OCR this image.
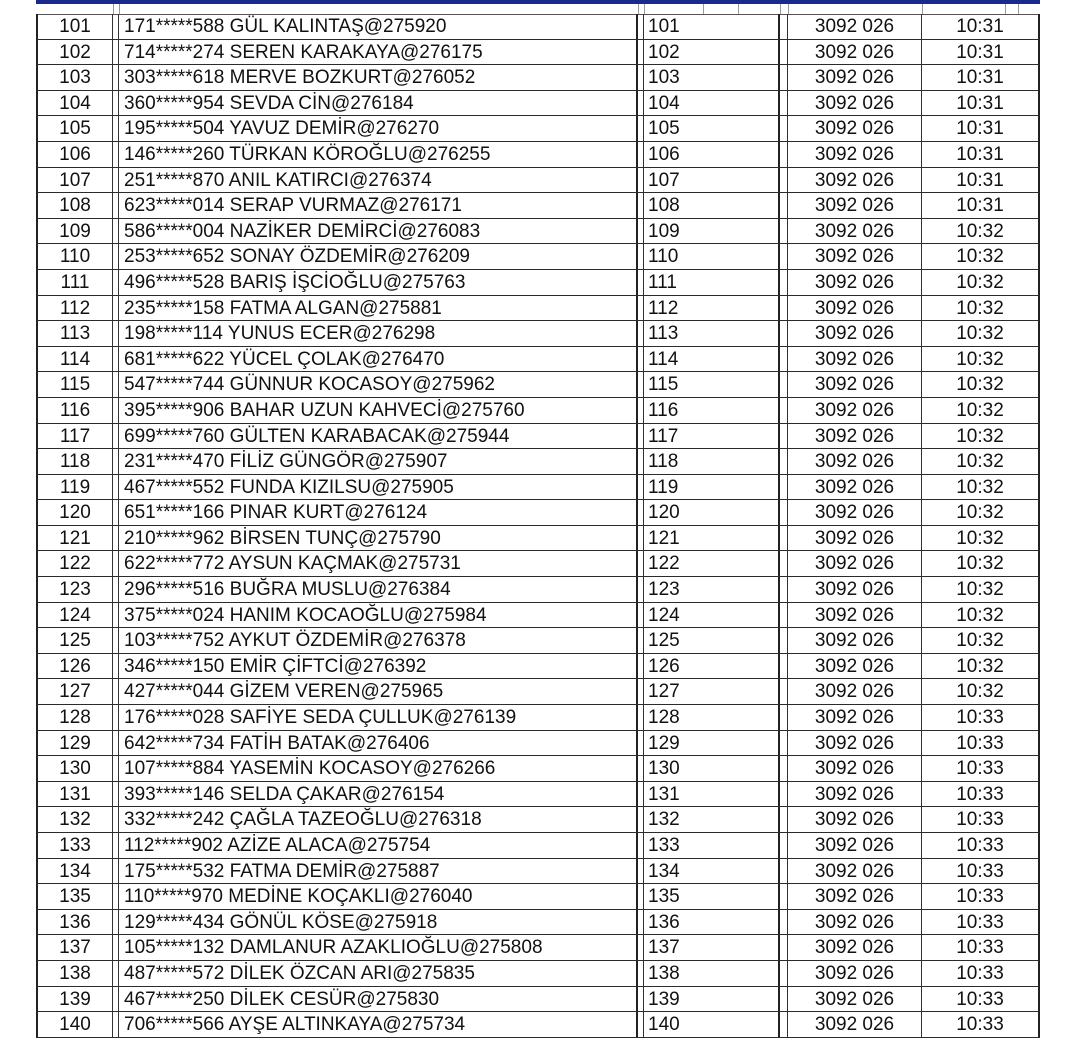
101	171*****588 GÜL KALINTAŞ@275920	101	3092 026	10:31
102	714*****274 SEREN KARAKAYA@276175	102	3092 026	10:31
103	303*****618 MERVE BOZKURT@276052	103	3092 026	10:31
104	360*****954 SEVDA CİN@276184	104	3092 026	10:31
105	195*****504 YAVUZ DEMİR@276270	105	3092 026	10:31
106	146*****260 TÜRKAN KÖROĞLU@276255	106	3092 026	10:31
107	251*****870 ANIL KATIRCI@276374	107	3092 026	10:31
108	623*****014 SERAP VURMAZ@276171	108	3092 026	10:31
109	586*****004 NAZİKER DEMİRCİ@276083	109	3092 026	10:32
110	253*****652 SONAY ÖZDEMİR@276209	110	3092 026	10:32
111	496*****528 BARIŞ İŞCİOĞLU@275763	111	3092 026	10:32
112	235*****158 FATMA ALGAN@275881	112	3092 026	10:32
113	198*****114 YUNUS ECER@276298	113	3092 026	10:32
114	681*****622 YÜCEL ÇOLAK@276470	114	3092 026	10:32
115	547*****744 GÜNNUR KOCASOY@275962	115	3092 026	10:32
116	395*****906 BAHAR UZUN KAHVECİ@275760	116	3092 026	10:32
117	699*****760 GÜLTEN KARABACAK@275944	117	3092 026	10:32
118	231*****470 FİLİZ GÜNGÖR@275907	118	3092 026	10:32
119	467*****552 FUNDA KIZILSU@275905	119	3092 026	10:32
120	651*****166 PINAR KURT@276124	120	3092 026	10:32
121	210*****962 BİRSEN TUNÇ@275790	121	3092 026	10:32
122	622*****772 AYSUN KAÇMAK@275731	122	3092 026	10:32
123	296*****516 BUĞRA MUSLU@276384	123	3092 026	10:32
124	375*****024 HANIM KOCAOĞLU@275984	124	3092 026	10:32
125	103*****752 AYKUT ÖZDEMİR@276378	125	3092 026	10:32
126	346*****150 EMİR ÇİFTCİ@276392	126	3092 026	10:32
127	427*****044 GİZEM VEREN@275965	127	3092 026	10:32
128	176*****028 SAFİYE SEDA ÇULLUK@276139	128	3092 026	10:33
129	642*****734 FATİH BATAK@276406	129	3092 026	10:33
130	107*****884 YASEMİN KOCASOY@276266	130	3092 026	10:33
131	393*****146 SELDA ÇAKAR@276154	131	3092 026	10:33
132	332*****242 ÇAĞLA TAZEOĞLU@276318	132	3092 026	10:33
133	112*****902 AZİZE ALACA@275754	133	3092 026	10:33
134	175*****532 FATMA DEMİR@275887	134	3092 026	10:33
135	110*****970 MEDİNE KOÇAKLI@276040	135	3092 026	10:33
136	129*****434 GÖNÜL KÖSE@275918	136	3092 026	10:33
137	105*****132 DAMLANUR AZAKLIOĞLU@275808	137	3092 026	10:33
138	487*****572 DİLEK ÖZCAN ARI@275835	138	3092 026	10:33
139	467*****250 DİLEK CESÜR@275830	139	3092 026	10:33
140	706*****566 AYŞE ALTINKAYA@275734	140	3092 026	10:33
